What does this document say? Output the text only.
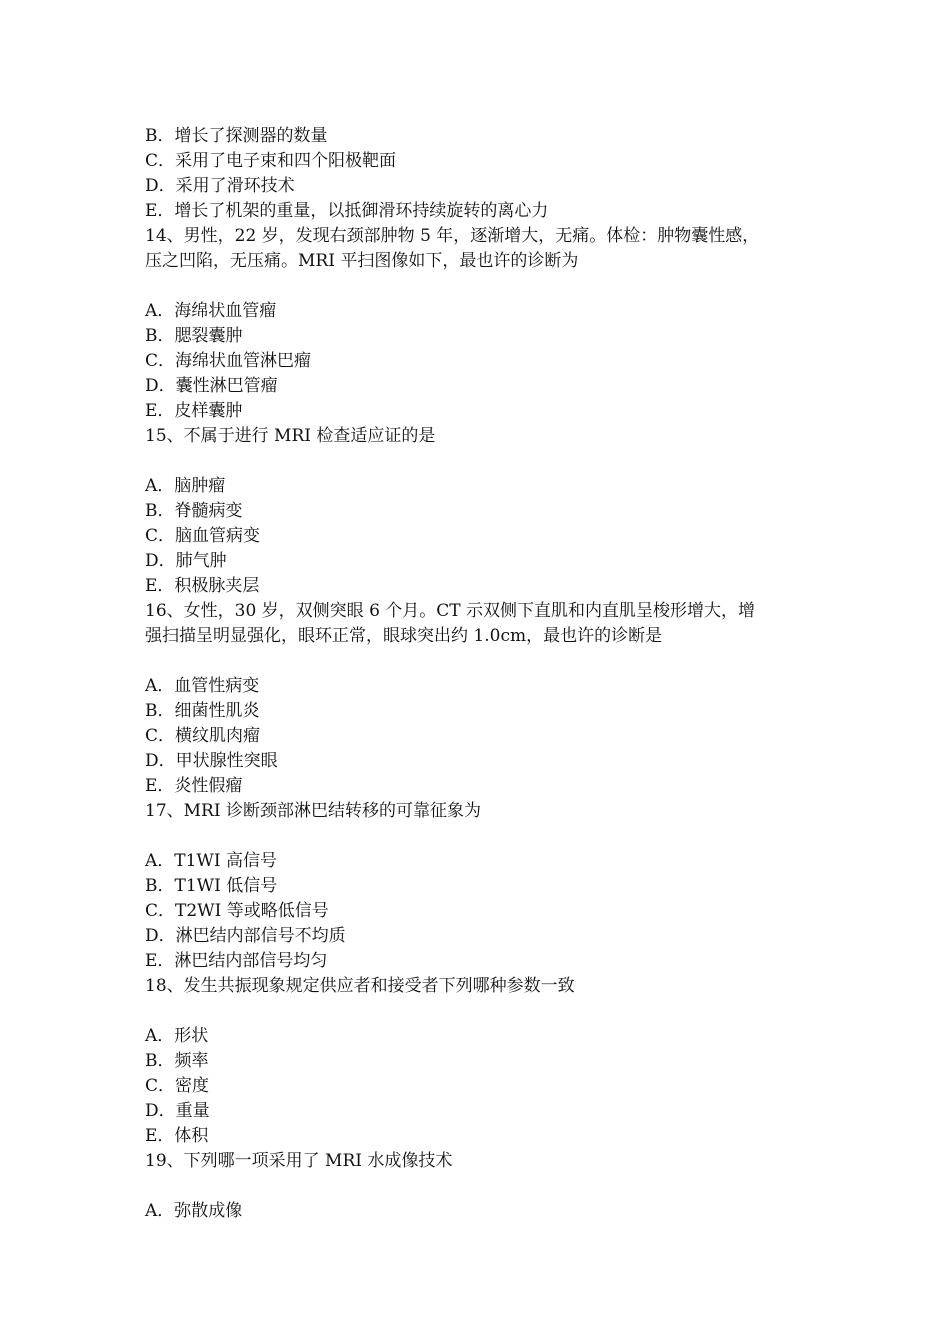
B．增长了探测器的数量
C．采用了电子束和四个阳极靶面
D．采用了滑环技术
E．增长了机架的重量，以抵御滑环持续旋转的离心力
14、男性，22 岁，发现右颈部肿物 5 年，逐渐增大，无痛。体检：肿物囊性感，
压之凹陷，无压痛。MRI 平扫图像如下，最也许的诊断为
A．海绵状血管瘤
B．腮裂囊肿
C．海绵状血管淋巴瘤
D．囊性淋巴管瘤
E．皮样囊肿
15、不属于进行 MRI 检查适应证的是
A．脑肿瘤
B．脊髓病变
C．脑血管病变
D．肺气肿
E．积极脉夹层
16、女性，30 岁，双侧突眼 6 个月。CT 示双侧下直肌和内直肌呈梭形增大，增
强扫描呈明显强化，眼环正常，眼球突出约 1.0cm，最也许的诊断是
A．血管性病变
B．细菌性肌炎
C．横纹肌肉瘤
D．甲状腺性突眼
E．炎性假瘤
17、MRI 诊断颈部淋巴结转移的可靠征象为
A．T1WI 高信号
B．T1WI 低信号
C．T2WI 等或略低信号
D．淋巴结内部信号不均质
E．淋巴结内部信号均匀
18、发生共振现象规定供应者和接受者下列哪种参数一致
A．形状
B．频率
C．密度
D．重量
E．体积
19、下列哪一项采用了 MRI 水成像技术
A．弥散成像
